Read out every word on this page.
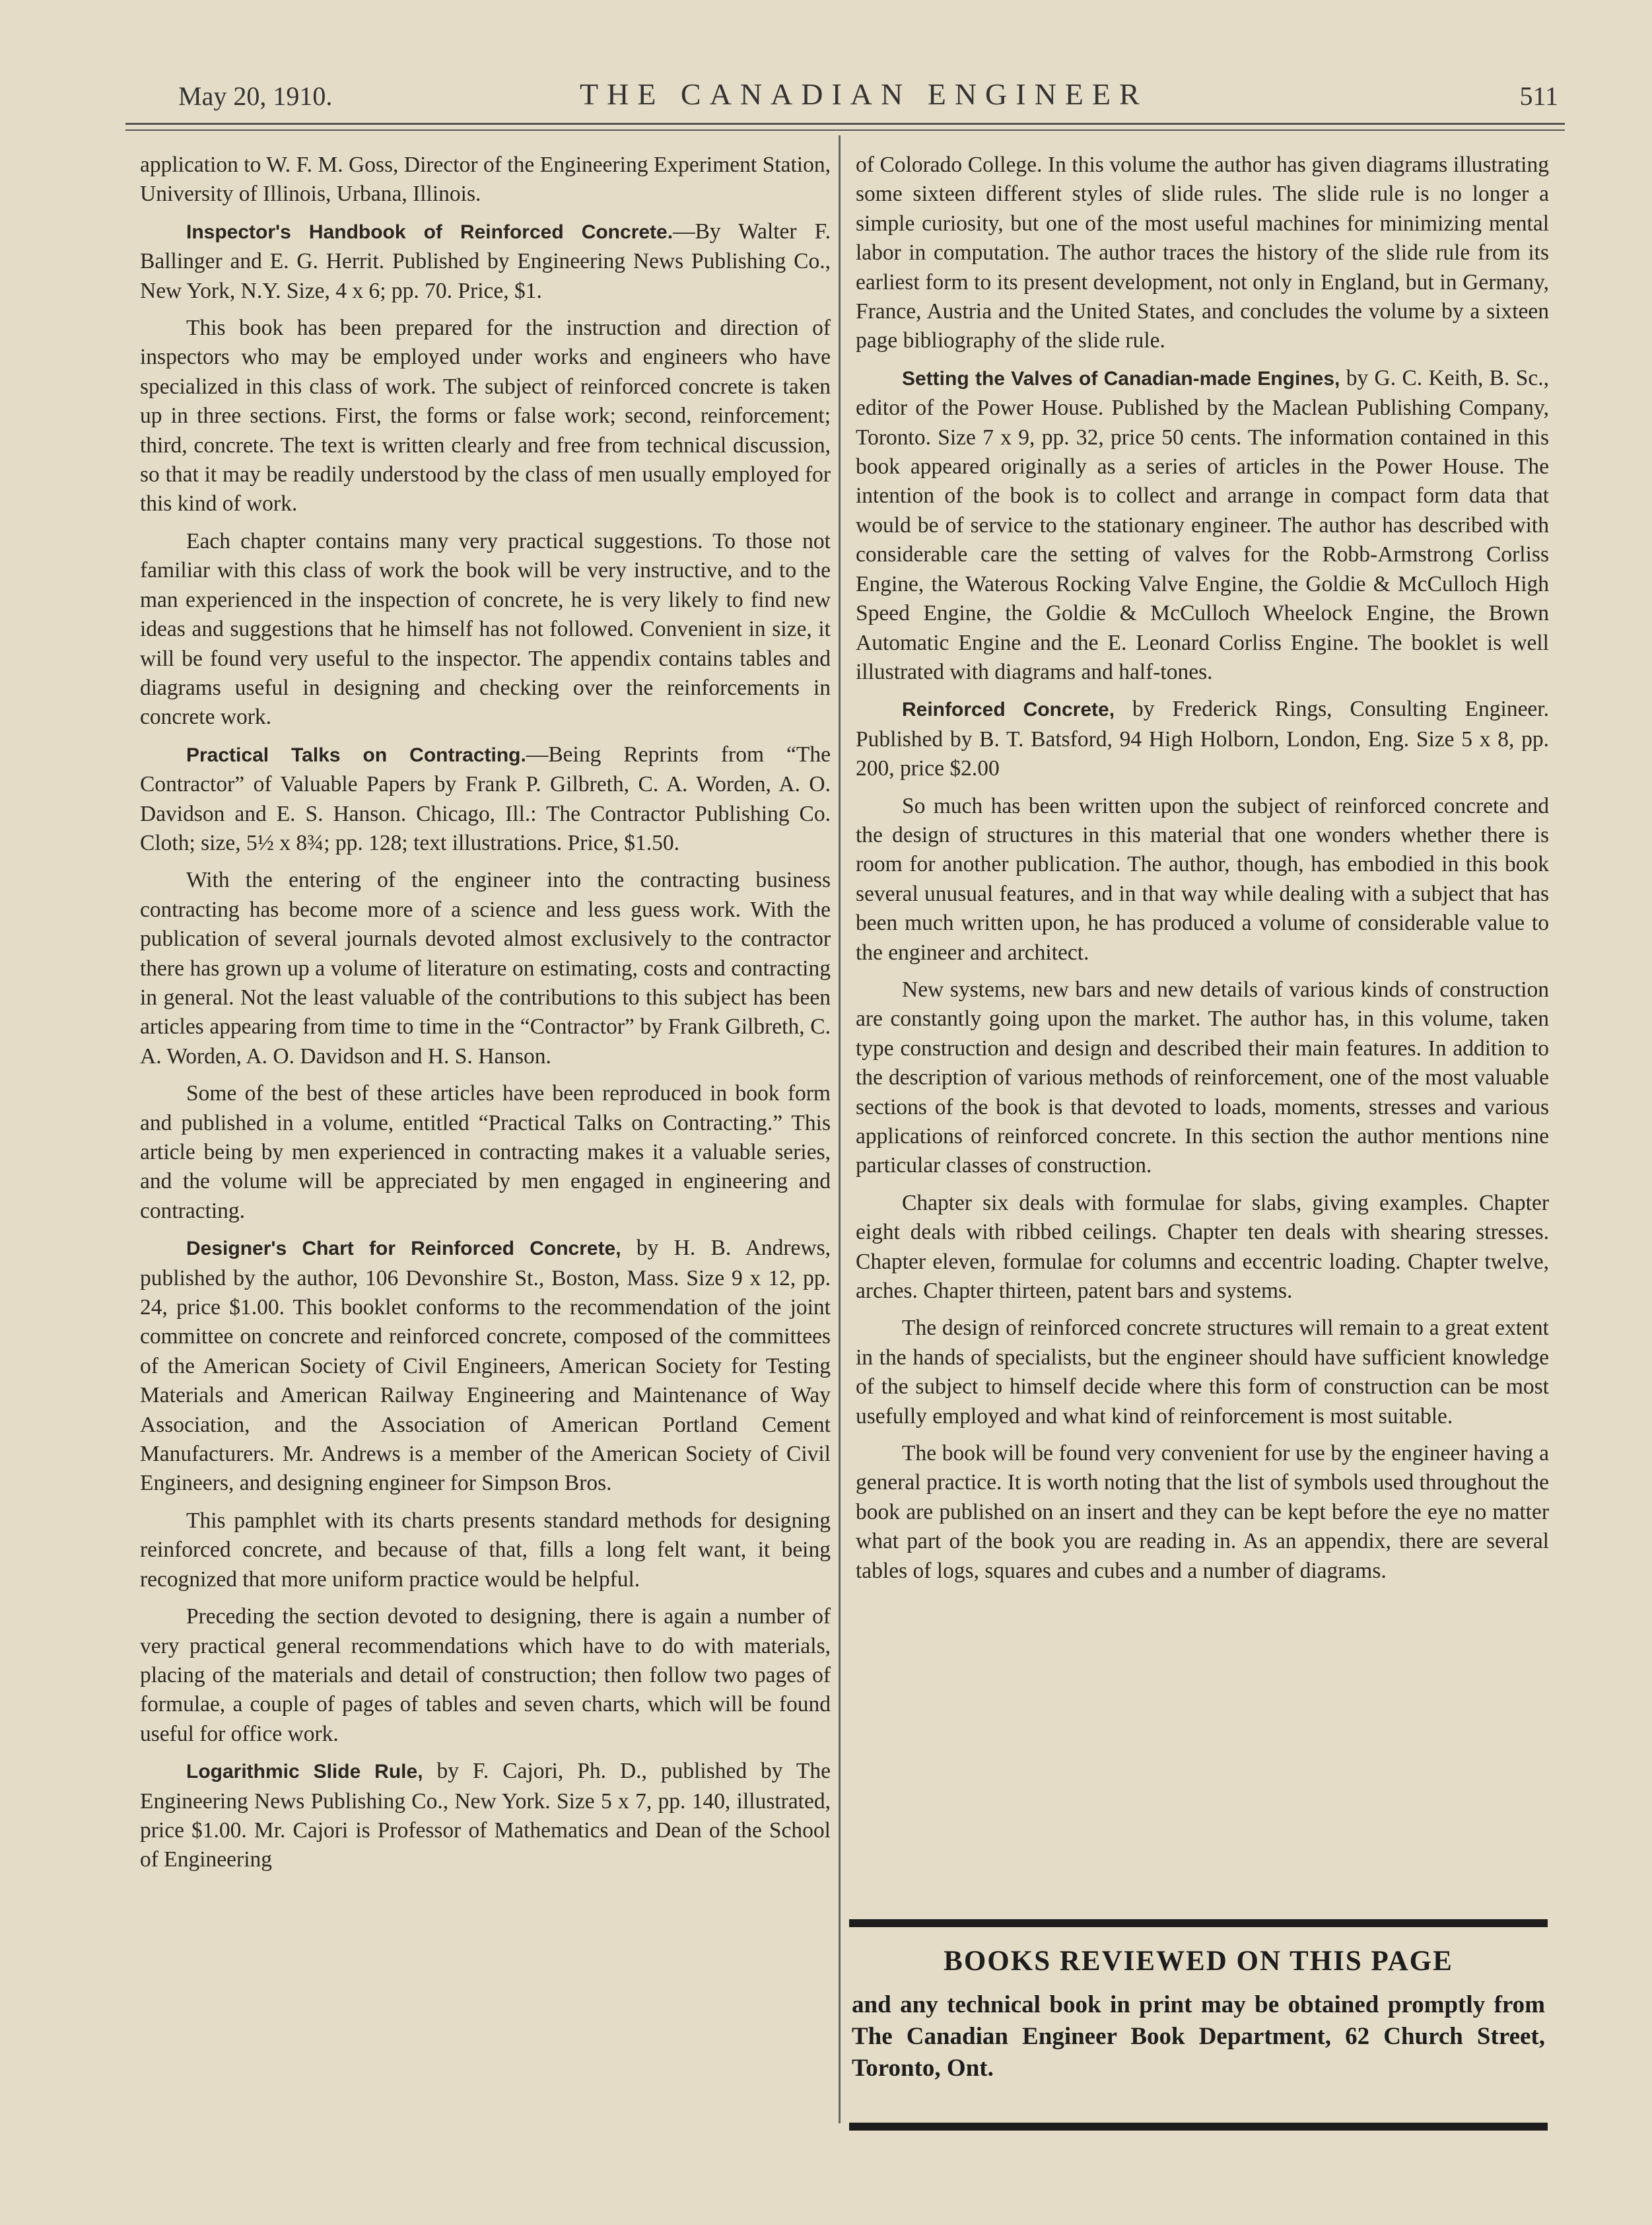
May 20, 1910.	THE CANADIAN ENGINEER	511

application to W. F. M. Goss, Director of the Engineering Experiment Station, University of Illinois, Urbana, Illinois.

Inspector's Handbook of Reinforced Concrete.—By Walter F. Ballinger and E. G. Herrit. Published by Engineering News Publishing Co., New York, N.Y. Size, 4 x 6; pp. 70. Price, $1.

This book has been prepared for the instruction and direction of inspectors who may be employed under works and engineers who have specialized in this class of work. The subject of reinforced concrete is taken up in three sections. First, the forms or false work; second, reinforcement; third, concrete. The text is written clearly and free from technical discussion, so that it may be readily understood by the class of men usually employed for this kind of work.

Each chapter contains many very practical suggestions. To those not familiar with this class of work the book will be very instructive, and to the man experienced in the inspection of concrete, he is very likely to find new ideas and suggestions that he himself has not followed. Convenient in size, it will be found very useful to the inspector. The appendix contains tables and diagrams useful in designing and checking over the reinforcements in concrete work.

Practical Talks on Contracting.—Being Reprints from “The Contractor” of Valuable Papers by Frank P. Gilbreth, C. A. Worden, A. O. Davidson and E. S. Hanson. Chicago, Ill.: The Contractor Publishing Co. Cloth; size, 5½ x 8¾; pp. 128; text illustrations. Price, $1.50.

With the entering of the engineer into the contracting business contracting has become more of a science and less guess work. With the publication of several journals devoted almost exclusively to the contractor there has grown up a volume of literature on estimating, costs and contracting in general. Not the least valuable of the contributions to this subject has been articles appearing from time to time in the “Contractor” by Frank Gilbreth, C. A. Worden, A. O. Davidson and H. S. Hanson.

Some of the best of these articles have been reproduced in book form and published in a volume, entitled “Practical Talks on Contracting.” This article being by men experienced in contracting makes it a valuable series, and the volume will be appreciated by men engaged in engineering and contracting.

Designer's Chart for Reinforced Concrete, by H. B. Andrews, published by the author, 106 Devonshire St., Boston, Mass. Size 9 x 12, pp. 24, price $1.00. This booklet conforms to the recommendation of the joint committee on concrete and reinforced concrete, composed of the committees of the American Society of Civil Engineers, American Society for Testing Materials and American Railway Engineering and Maintenance of Way Association, and the Association of American Portland Cement Manufacturers. Mr. Andrews is a member of the American Society of Civil Engineers, and designing engineer for Simpson Bros.

This pamphlet with its charts presents standard methods for designing reinforced concrete, and because of that, fills a long felt want, it being recognized that more uniform practice would be helpful.

Preceding the section devoted to designing, there is again a number of very practical general recommendations which have to do with materials, placing of the materials and detail of construction; then follow two pages of formulae, a couple of pages of tables and seven charts, which will be found useful for office work.

Logarithmic Slide Rule, by F. Cajori, Ph. D., published by The Engineering News Publishing Co., New York. Size 5 x 7, pp. 140, illustrated, price $1.00. Mr. Cajori is Professor of Mathematics and Dean of the School of Engineering

of Colorado College. In this volume the author has given diagrams illustrating some sixteen different styles of slide rules. The slide rule is no longer a simple curiosity, but one of the most useful machines for minimizing mental labor in computation. The author traces the history of the slide rule from its earliest form to its present development, not only in England, but in Germany, France, Austria and the United States, and concludes the volume by a sixteen page bibliography of the slide rule.

Setting the Valves of Canadian-made Engines, by G. C. Keith, B. Sc., editor of the Power House. Published by the Maclean Publishing Company, Toronto. Size 7 x 9, pp. 32, price 50 cents. The information contained in this book appeared originally as a series of articles in the Power House. The intention of the book is to collect and arrange in compact form data that would be of service to the stationary engineer. The author has described with considerable care the setting of valves for the Robb-Armstrong Corliss Engine, the Waterous Rocking Valve Engine, the Goldie & McCulloch High Speed Engine, the Goldie & McCulloch Wheelock Engine, the Brown Automatic Engine and the E. Leonard Corliss Engine. The booklet is well illustrated with diagrams and half-tones.

Reinforced Concrete, by Frederick Rings, Consulting Engineer. Published by B. T. Batsford, 94 High Holborn, London, Eng. Size 5 x 8, pp. 200, price $2.00

So much has been written upon the subject of reinforced concrete and the design of structures in this material that one wonders whether there is room for another publication. The author, though, has embodied in this book several unusual features, and in that way while dealing with a subject that has been much written upon, he has produced a volume of considerable value to the engineer and architect.

New systems, new bars and new details of various kinds of construction are constantly going upon the market. The author has, in this volume, taken type construction and design and described their main features. In addition to the description of various methods of reinforcement, one of the most valuable sections of the book is that devoted to loads, moments, stresses and various applications of reinforced concrete. In this section the author mentions nine particular classes of construction.

Chapter six deals with formulae for slabs, giving examples. Chapter eight deals with ribbed ceilings. Chapter ten deals with shearing stresses. Chapter eleven, formulae for columns and eccentric loading. Chapter twelve, arches. Chapter thirteen, patent bars and systems.

The design of reinforced concrete structures will remain to a great extent in the hands of specialists, but the engineer should have sufficient knowledge of the subject to himself decide where this form of construction can be most usefully employed and what kind of reinforcement is most suitable.

The book will be found very convenient for use by the engineer having a general practice. It is worth noting that the list of symbols used throughout the book are published on an insert and they can be kept before the eye no matter what part of the book you are reading in. As an appendix, there are several tables of logs, squares and cubes and a number of diagrams.

BOOKS REVIEWED ON THIS PAGE
and any technical book in print may be obtained promptly from The Canadian Engineer Book Department, 62 Church Street, Toronto, Ont.
